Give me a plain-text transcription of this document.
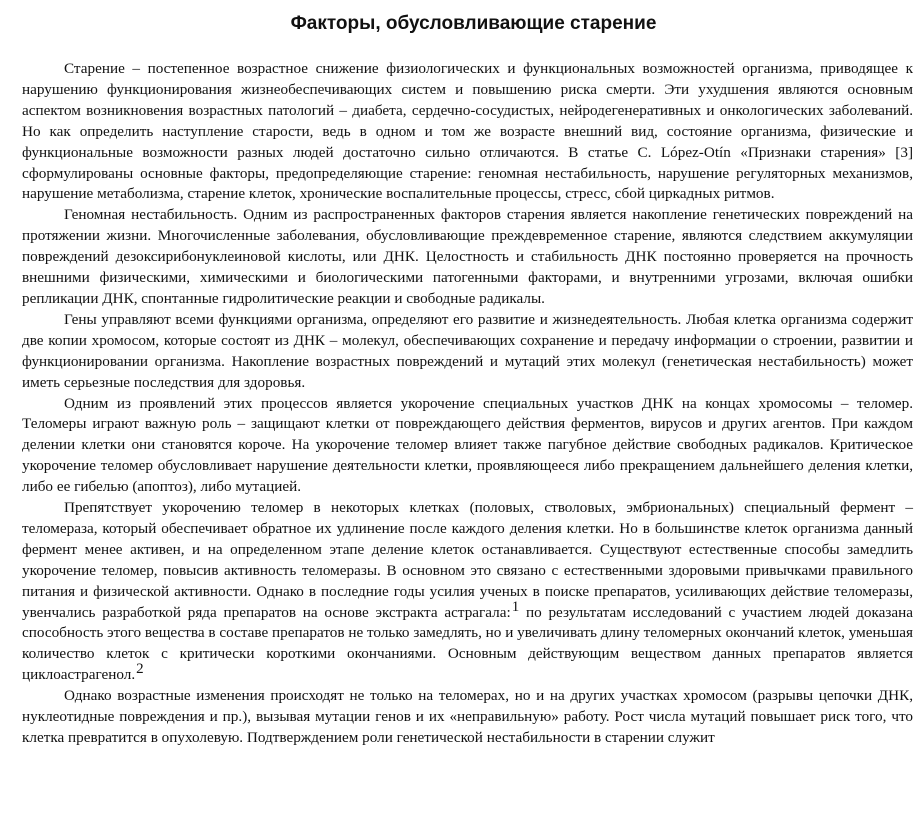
Факторы, обусловливающие старение

Старение – постепенное возрастное снижение физиологических и функциональных возможностей организма, приводящее к нарушению функционирования жизнеобеспечивающих систем и повышению риска смерти. Эти ухудшения являются основным аспектом возникновения возрастных патологий – диабета, сердечно-сосудистых, нейродегенеративных и онкологических заболеваний. Но как определить наступление старости, ведь в одном и том же возрасте внешний вид, состояние организма, физические и функциональные возможности разных людей достаточно сильно отличаются. В статье C. López-Otín «Признаки старения» [3] сформулированы основные факторы, предопределяющие старение: геномная нестабильность, нарушение регуляторных механизмов, нарушение метаболизма, старение клеток, хронические воспалительные процессы, стресс, сбой циркадных ритмов.

Геномная нестабильность. Одним из распространенных факторов старения является накопление генетических повреждений на протяжении жизни. Многочисленные заболевания, обусловливающие преждевременное старение, являются следствием аккумуляции повреждений дезоксирибонуклеиновой кислоты, или ДНК. Целостность и стабильность ДНК постоянно проверяется на прочность внешними физическими, химическими и биологическими патогенными факторами, и внутренними угрозами, включая ошибки репликации ДНК, спонтанные гидролитические реакции и свободные радикалы.

Гены управляют всеми функциями организма, определяют его развитие и жизнедеятельность. Любая клетка организма содержит две копии хромосом, которые состоят из ДНК – молекул, обеспечивающих сохранение и передачу информации о строении, развитии и функционировании организма. Накопление возрастных повреждений и мутаций этих молекул (генетическая нестабильность) может иметь серьезные последствия для здоровья.

Одним из проявлений этих процессов является укорочение специальных участков ДНК на концах хромосомы – теломер. Теломеры играют важную роль – защищают клетки от повреждающего действия ферментов, вирусов и других агентов. При каждом делении клетки они становятся короче. На укорочение теломер влияет также пагубное действие свободных радикалов. Критическое укорочение теломер обусловливает нарушение деятельности клетки, проявляющееся либо прекращением дальнейшего деления клетки, либо ее гибелью (апоптоз), либо мутацией.

Препятствует укорочению теломер в некоторых клетках (половых, стволовых, эмбриональных) специальный фермент – теломераза, который обеспечивает обратное их удлинение после каждого деления клетки. Но в большинстве клеток организма данный фермент менее активен, и на определенном этапе деление клеток останавливается. Существуют естественные способы замедлить укорочение теломер, повысив активность теломеразы. В основном это связано с естественными здоровыми привычками правильного питания и физической активности. Однако в последние годы усилия ученых в поиске препаратов, усиливающих действие теломеразы, увенчались разработкой ряда препаратов на основе экстракта астрагала:$^1$ по результатам исследований с участием людей доказана способность этого вещества в составе препаратов не только замедлять, но и увеличивать длину теломерных окончаний клеток, уменьшая количество клеток с критически короткими окончаниями. Основным действующим веществом данных препаратов является циклоастрагенол.$^2$

Однако возрастные изменения происходят не только на теломерах, но и на других участках хромосом (разрывы цепочки ДНК, нуклеотидные повреждения и пр.), вызывая мутации генов и их «неправильную» работу. Рост числа мутаций повышает риск того, что клетка превратится в опухолевую. Подтверждением роли генетической нестабильности в старении служит
